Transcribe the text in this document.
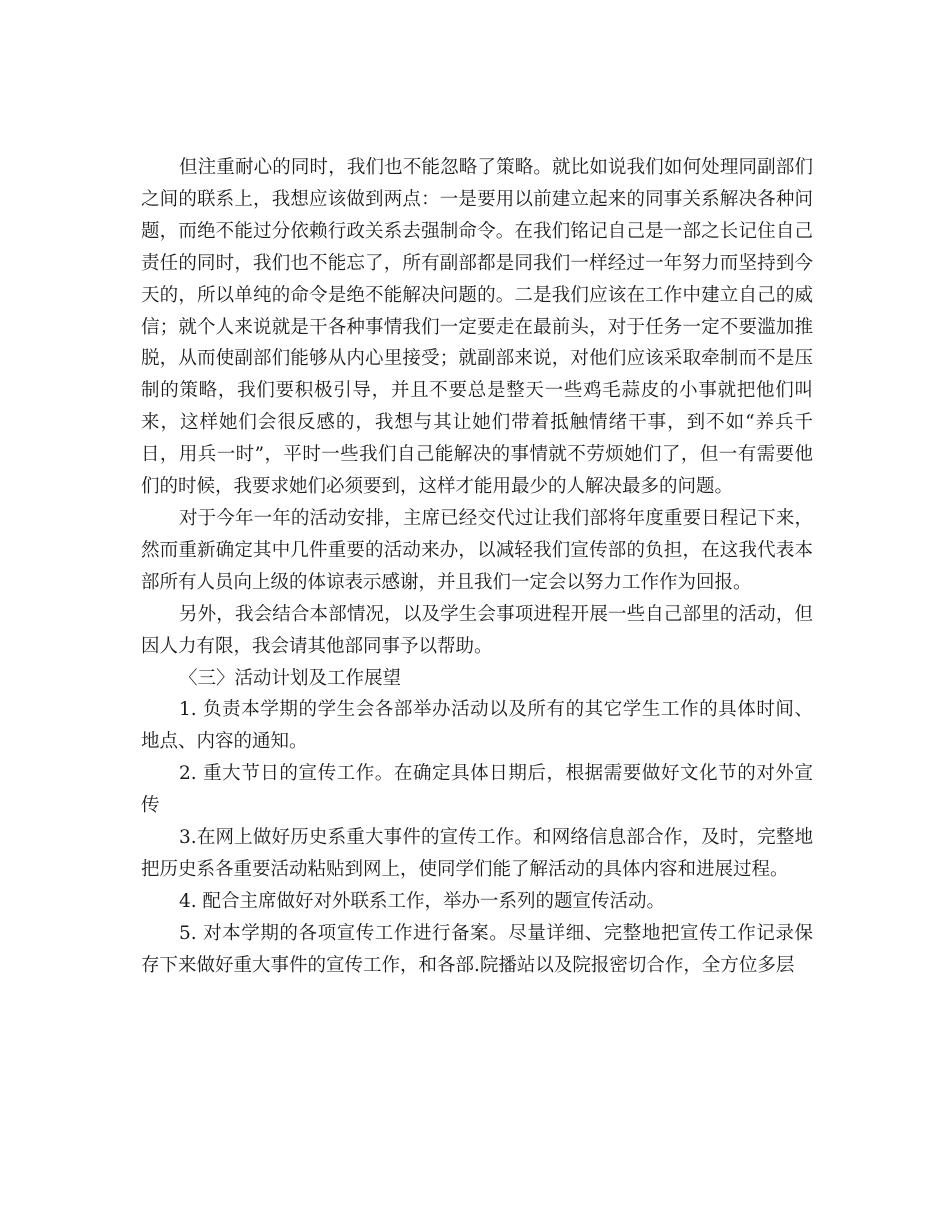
但注重耐心的同时，我们也不能忽略了策略。就比如说我们如何处理同副部们之间的联系上，我想应该做到两点：一是要用以前建立起来的同事关系解决各种问题，而绝不能过分依赖行政关系去强制命令。在我们铭记自己是一部之长记住自己责任的同时，我们也不能忘了，所有副部都是同我们一样经过一年努力而坚持到今天的，所以单纯的命令是绝不能解决问题的。二是我们应该在工作中建立自己的威信；就个人来说就是干各种事情我们一定要走在最前头，对于任务一定不要滥加推脱，从而使副部们能够从内心里接受；就副部来说，对他们应该采取牵制而不是压制的策略，我们要积极引导，并且不要总是整天一些鸡毛蒜皮的小事就把他们叫来，这样她们会很反感的，我想与其让她们带着抵触情绪干事，到不如“养兵千日，用兵一时”，平时一些我们自己能解决的事情就不劳烦她们了，但一有需要他们的时候，我要求她们必须要到，这样才能用最少的人解决最多的问题。

对于今年一年的活动安排，主席已经交代过让我们部将年度重要日程记下来，然而重新确定其中几件重要的活动来办，以减轻我们宣传部的负担，在这我代表本部所有人员向上级的体谅表示感谢，并且我们一定会以努力工作作为回报。

另外，我会结合本部情况，以及学生会事项进程开展一些自己部里的活动，但因人力有限，我会请其他部同事予以帮助。

〈三〉活动计划及工作展望

1. 负责本学期的学生会各部举办活动以及所有的其它学生工作的具体时间、地点、内容的通知。

2. 重大节日的宣传工作。在确定具体日期后，根据需要做好文化节的对外宣传

3.在网上做好历史系重大事件的宣传工作。和网络信息部合作，及时，完整地把历史系各重要活动粘贴到网上，使同学们能了解活动的具体内容和进展过程。

4. 配合主席做好对外联系工作，举办一系列的题宣传活动。

5. 对本学期的各项宣传工作进行备案。尽量详细、完整地把宣传工作记录保存下来做好重大事件的宣传工作，和各部.院播站以及院报密切合作，全方位多层
